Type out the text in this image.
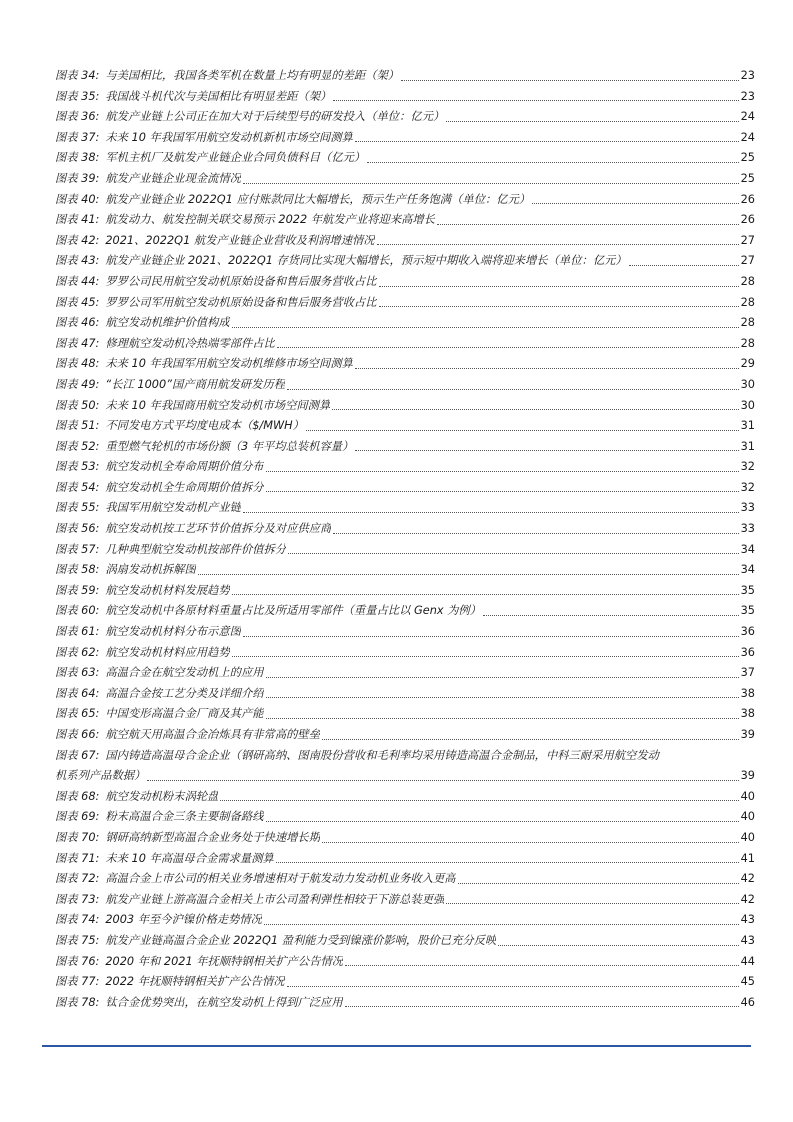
图表 34: 与美国相比，我国各类军机在数量上均有明显的差距（架）	23
图表 35: 我国战斗机代次与美国相比有明显差距（架）	23
图表 36: 航发产业链上公司正在加大对于后续型号的研发投入（单位：亿元）	24
图表 37: 未来 10 年我国军用航空发动机新机市场空间测算	24
图表 38: 军机主机厂及航发产业链企业合同负债科目（亿元）	25
图表 39: 航发产业链企业现金流情况	25
图表 40: 航发产业链企业 2022Q1 应付账款同比大幅增长，预示生产任务饱满（单位：亿元）	26
图表 41: 航发动力、航发控制关联交易预示 2022 年航发产业将迎来高增长	26
图表 42: 2021、2022Q1 航发产业链企业营收及利润增速情况	27
图表 43: 航发产业链企业 2021、2022Q1 存货同比实现大幅增长，预示短中期收入端将迎来增长（单位：亿元）	27
图表 44: 罗罗公司民用航空发动机原始设备和售后服务营收占比	28
图表 45: 罗罗公司军用航空发动机原始设备和售后服务营收占比	28
图表 46: 航空发动机维护价值构成	28
图表 47: 修理航空发动机冷热端零部件占比	28
图表 48: 未来 10 年我国军用航空发动机维修市场空间测算	29
图表 49: “长江 1000”国产商用航发研发历程	30
图表 50: 未来 10 年我国商用航空发动机市场空间测算	30
图表 51: 不同发电方式平均度电成本（$/MWH）	31
图表 52: 重型燃气轮机的市场份额（3 年平均总装机容量）	31
图表 53: 航空发动机全寿命周期价值分布	32
图表 54: 航空发动机全生命周期价值拆分	32
图表 55: 我国军用航空发动机产业链	33
图表 56: 航空发动机按工艺环节价值拆分及对应供应商	33
图表 57: 几种典型航空发动机按部件价值拆分	34
图表 58: 涡扇发动机拆解图	34
图表 59: 航空发动机材料发展趋势	35
图表 60: 航空发动机中各原材料重量占比及所适用零部件（重量占比以 Genx 为例）	35
图表 61: 航空发动机材料分布示意图	36
图表 62: 航空发动机材料应用趋势	36
图表 63: 高温合金在航空发动机上的应用	37
图表 64: 高温合金按工艺分类及详细介绍	38
图表 65: 中国变形高温合金厂商及其产能	38
图表 66: 航空航天用高温合金冶炼具有非常高的壁垒	39
图表 67: 国内铸造高温母合金企业（钢研高纳、图南股份营收和毛利率均采用铸造高温合金制品，中科三耐采用航空发动
机系列产品数据）	39
图表 68: 航空发动机粉末涡轮盘	40
图表 69: 粉末高温合金三条主要制备路线	40
图表 70: 钢研高纳新型高温合金业务处于快速增长期	40
图表 71: 未来 10 年高温母合金需求量测算	41
图表 72: 高温合金上市公司的相关业务增速相对于航发动力发动机业务收入更高	42
图表 73: 航发产业链上游高温合金相关上市公司盈利弹性相较于下游总装更强	42
图表 74: 2003 年至今沪镍价格走势情况	43
图表 75: 航发产业链高温合金企业 2022Q1 盈利能力受到镍涨价影响，股价已充分反映	43
图表 76: 2020 年和 2021 年抚顺特钢相关扩产公告情况	44
图表 77: 2022 年抚顺特钢相关扩产公告情况	45
图表 78: 钛合金优势突出，在航空发动机上得到广泛应用	46
